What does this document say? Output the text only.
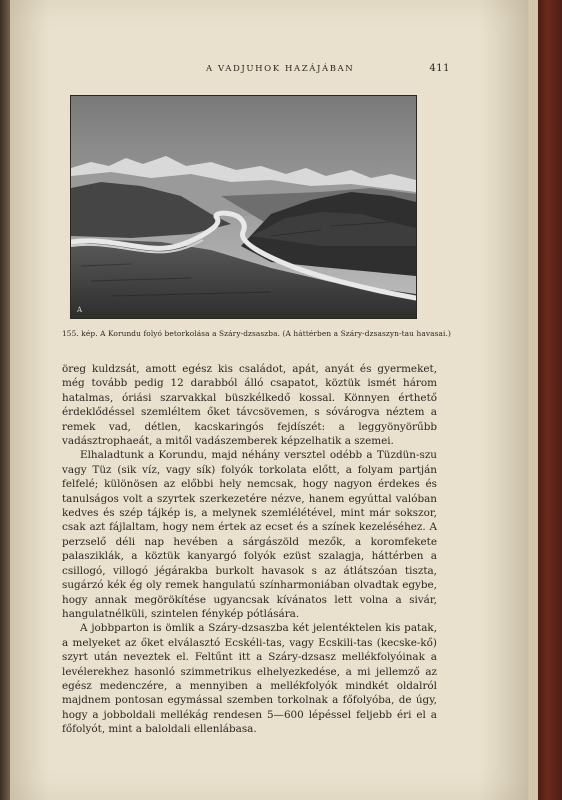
A VADJUHOK HAZÁJÁBAN	411
A
155. kép. A Korundu folyó betorkolása a Száry-dzsaszba. (A háttérben a Száry-dzsaszyn-tau havasai.)

öreg kuldzsát, amott egész kis családot, apát, anyát és gyermeket, még tovább pedig 12 darabból álló csapatot, köztük ismét három hatalmas, óriási szarvakkal büszkélkedő kossal. Könnyen érthető érdeklődéssel szemléltem őket távcsövemen, s sóvárogva néztem a remek vad, détlen, kacskaringós fejdíszét: a leggyönyörűbb vadásztrophaeát, a mitől vadászemberek képzelhatik a szemei.

Elhaladtunk a Korundu, majd néhány versztel odébb a Tüzdün-szu vagy Tüz (sik víz, vagy sík) folyók torkolata előtt, a folyam partján felfelé; különösen az előbbi hely nemcsak, hogy nagyon érdekes és tanulságos volt a szyrtek szerkezetére nézve, hanem egyúttal valóban kedves és szép tájkép is, a melynek szemlélétével, mint már sokszor, csak azt fájlaltam, hogy nem értek az ecset és a színek kezeléséhez. A perzselő déli nap hevében a sárgászöld mezők, a koromfekete palasziklák, a köztük kanyargó folyók ezüst szalagja, háttérben a csillogó, villogó jégárakba burkolt havasok s az átlátszóan tiszta, sugárzó kék ég oly remek hangulatú színharmoniában olvadtak egybe, hogy annak megörökítése ugyancsak kívánatos lett volna a sivár, hangulatnélküli, szintelen fénykép pótlására.

A jobbparton is ömlik a Száry-dzsaszba két jelentéktelen kis patak, a melyeket az őket elválasztó Ecskéli-tas, vagy Ecskili-tas (kecske-kő) szyrt után neveztek el. Feltűnt itt a Száry-dzsasz mellékfolyóinak a levélerekhez hasonló szimmetrikus elhelyezkedése, a mi jellemző az egész medenczére, a mennyiben a mellékfolyók mindkét oldalról majdnem pontosan egymással szemben torkolnak a főfolyóba, de úgy, hogy a jobboldali mellékág rendesen 5—600 lépéssel feljebb éri el a főfolyót, mint a baloldali ellenlábasa.
